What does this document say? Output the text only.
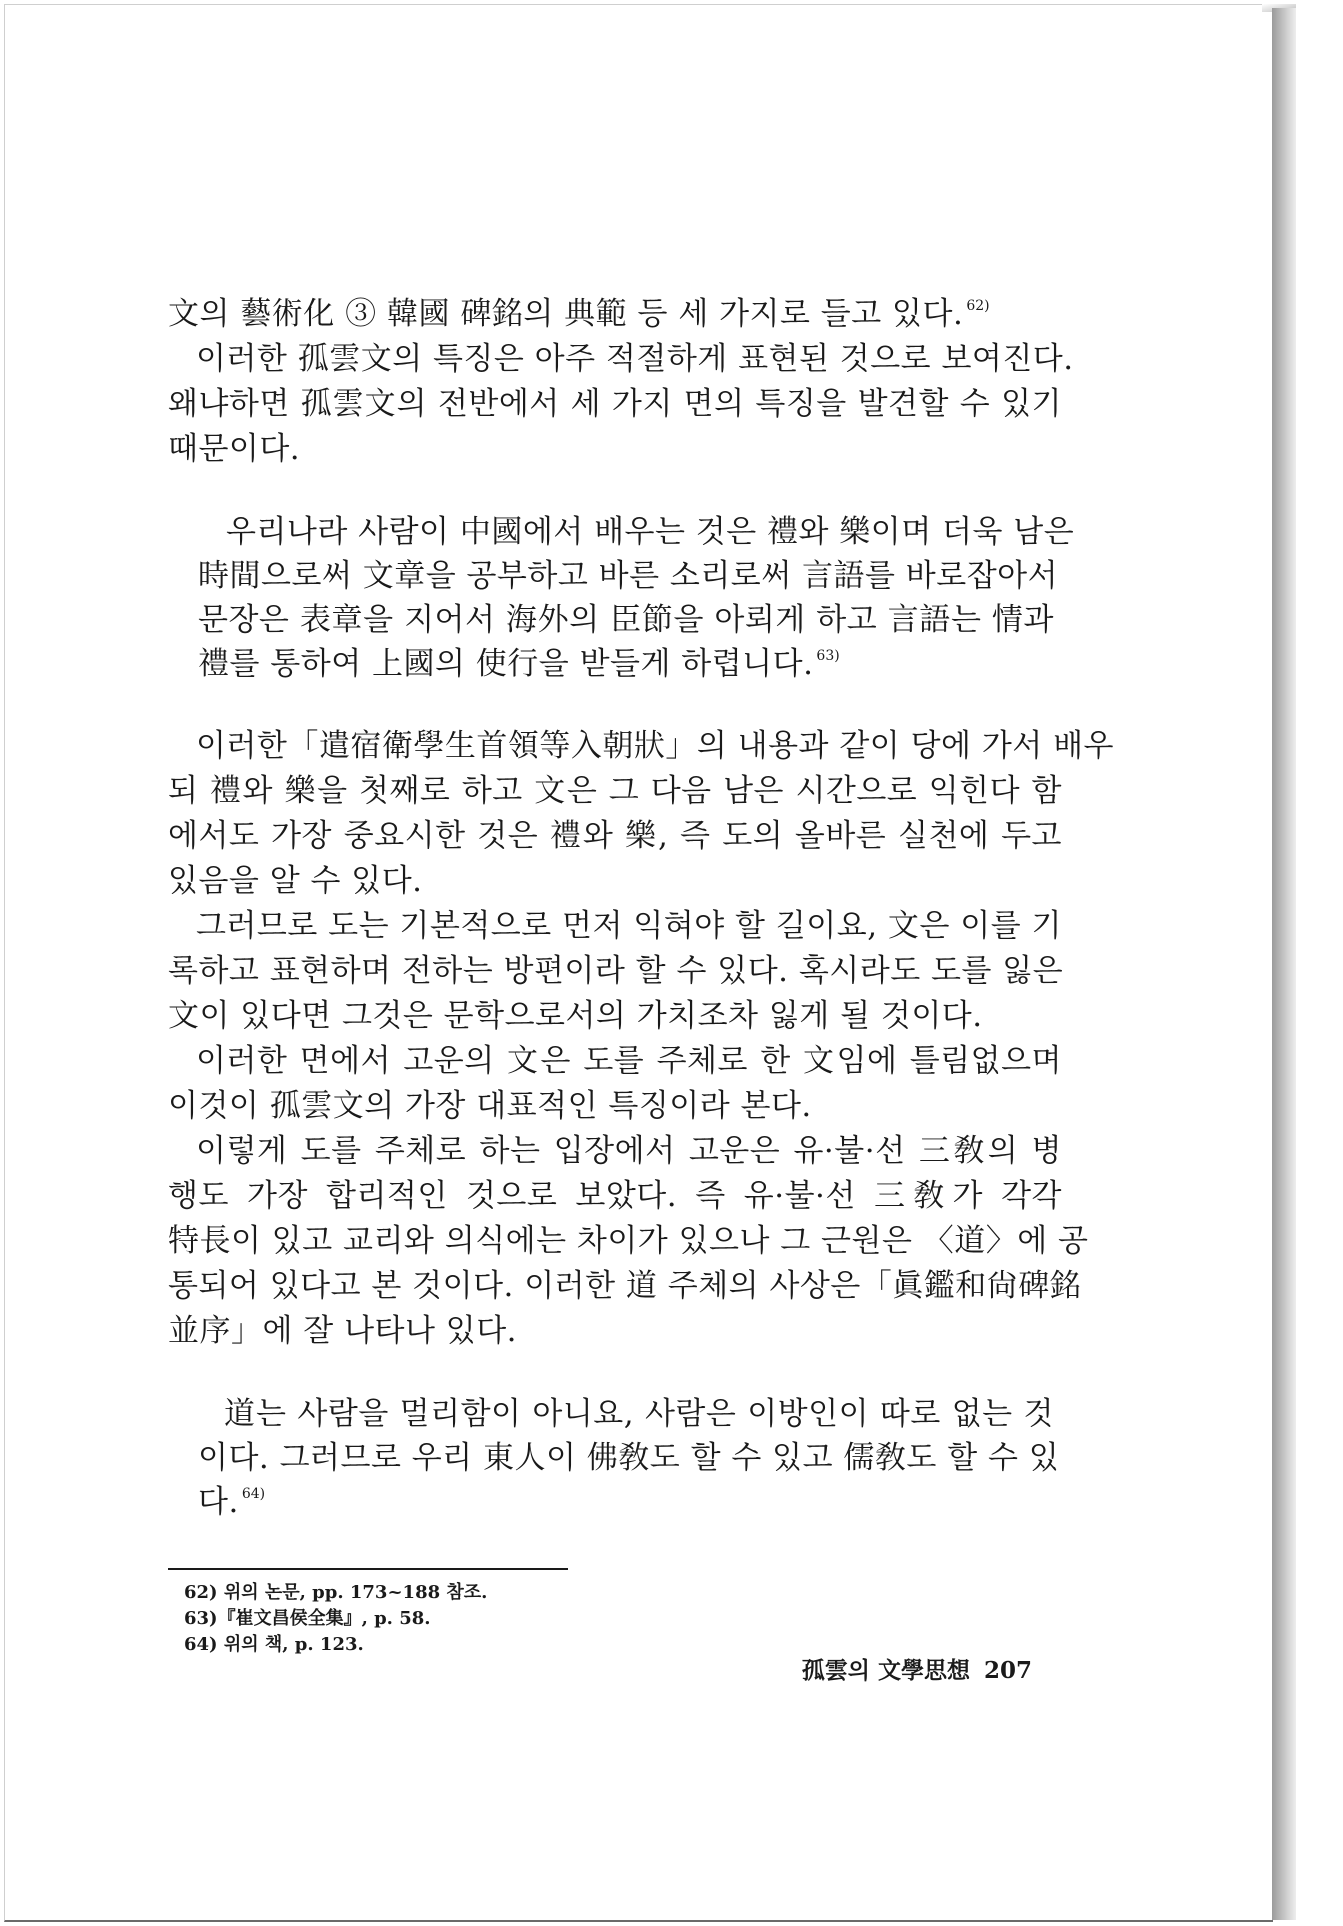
文의 藝術化 ③ 韓國 碑銘의 典範 등 세 가지로 들고 있다. $^{62)}$
이러한 孤雲文의 특징은 아주 적절하게 표현된 것으로 보여진다.
왜냐하면 孤雲文의 전반에서 세 가지 면의 특징을 발견할 수 있기
때문이다.
우리나라 사람이 中國에서 배우는 것은 禮와 樂이며 더욱 남은
時間으로써 文章을 공부하고 바른 소리로써 言語를 바로잡아서
문장은 表章을 지어서 海外의 臣節을 아뢰게 하고 言語는 情과
禮를 통하여 上國의 使行을 받들게 하렵니다. $^{63)}$
이러한「遣宿衛學生首領等入朝狀」의 내용과 같이 당에 가서 배우
되 禮와 樂을 첫째로 하고 文은 그 다음 남은 시간으로 익힌다 함
에서도 가장 중요시한 것은 禮와 樂, 즉 도의 올바른 실천에 두고
있음을 알 수 있다.
그러므로 도는 기본적으로 먼저 익혀야 할 길이요, 文은 이를 기
록하고 표현하며 전하는 방편이라 할 수 있다. 혹시라도 도를 잃은
文이 있다면 그것은 문학으로서의 가치조차 잃게 될 것이다.
이러한 면에서 고운의 文은 도를 주체로 한 文임에 틀림없으며
이것이 孤雲文의 가장 대표적인 특징이라 본다.
이렇게 도를 주체로 하는 입장에서 고운은 유·불·선 三敎의 병
행도 가장 합리적인 것으로 보았다. 즉 유·불·선 三敎가 각각
特長이 있고 교리와 의식에는 차이가 있으나 그 근원은 〈道〉에 공
통되어 있다고 본 것이다. 이러한 道 주체의 사상은「眞鑑和尙碑銘
並序」에 잘 나타나 있다.
道는 사람을 멀리함이 아니요, 사람은 이방인이 따로 없는 것
이다. 그러므로 우리 東人이 佛敎도 할 수 있고 儒敎도 할 수 있
다. $^{64)}$
62) 위의 논문, pp. 173~188 참조.
63)『崔文昌侯全集』, p. 58.
64) 위의 책, p. 123.
孤雲의 文學思想 207
